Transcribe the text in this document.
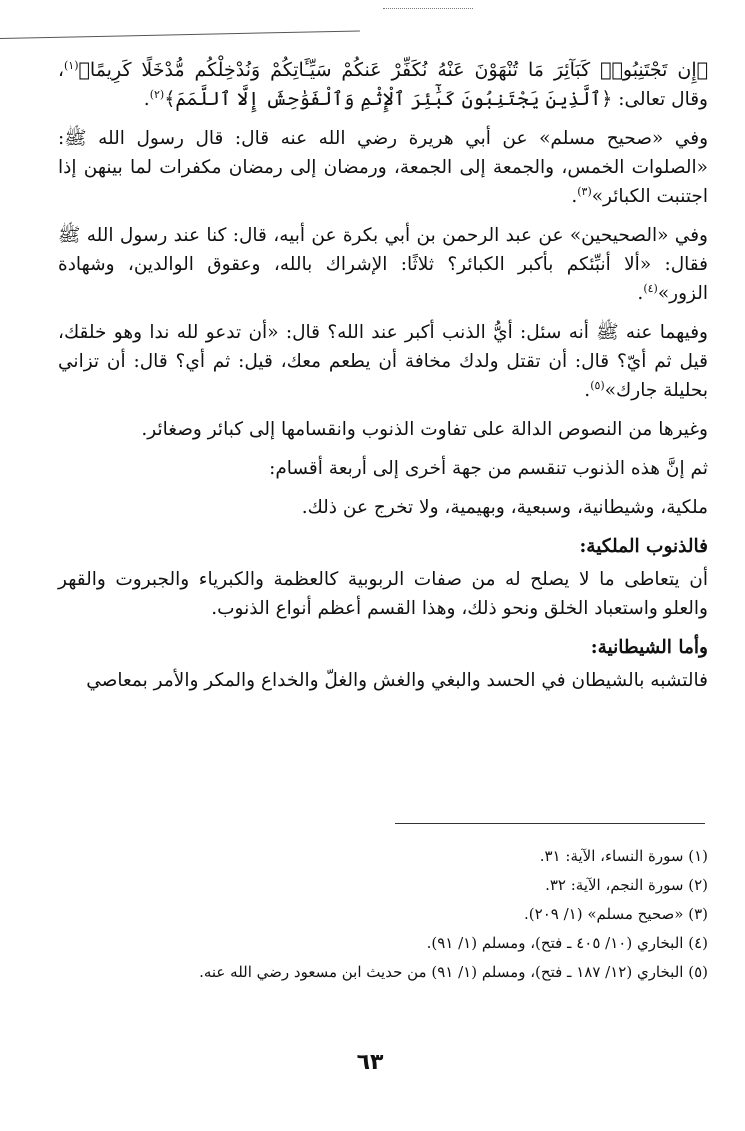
﴿إِن تَجْتَنِبُوا۟ كَبَآئِرَ مَا تُنْهَوْنَ عَنْهُ نُكَفِّرْ عَنكُمْ سَيِّـَٔاتِكُمْ وَنُدْخِلْكُم مُّدْخَلًا كَرِيمًا﴾$^{(١)}$، وقال تعالى: ﴿ٱلَّذِينَ يَجْتَنِبُونَ كَبَٰٓئِرَ ٱلْإِثْمِ وَٱلْفَوَٰحِشَ إِلَّا ٱللَّمَمَ﴾$^{(٢)}$.

وفي «صحيح مسلم» عن أبي هريرة رضي الله عنه قال: قال رسول الله ﷺ: «الصلوات الخمس، والجمعة إلى الجمعة، ورمضان إلى رمضان مكفرات لما بينهن إذا اجتنبت الكبائر»$^{(٣)}$.

وفي «الصحيحين» عن عبد الرحمن بن أبي بكرة عن أبيه، قال: كنا عند رسول الله ﷺ فقال: «ألا أنبِّئكم بأكبر الكبائر؟ ثلاثًا: الإشراك بالله، وعقوق الوالدين، وشهادة الزور»$^{(٤)}$.

وفيهما عنه ﷺ أنه سئل: أيُّ الذنب أكبر عند الله؟ قال: «أن تدعو لله ندا وهو خلقك، قيل ثم أيّ؟ قال: أن تقتل ولدك مخافة أن يطعم معك، قيل: ثم أي؟ قال: أن تزاني بحليلة جارك»$^{(٥)}$.

وغيرها من النصوص الدالة على تفاوت الذنوب وانقسامها إلى كبائر وصغائر.

ثم إنَّ هذه الذنوب تنقسم من جهة أخرى إلى أربعة أقسام:

ملكية، وشيطانية، وسبعية، وبهيمية، ولا تخرج عن ذلك.

فالذنوب الملكية:

أن يتعاطى ما لا يصلح له من صفات الربوبية كالعظمة والكبرياء والجبروت والقهر والعلو واستعباد الخلق ونحو ذلك، وهذا القسم أعظم أنواع الذنوب.

وأما الشيطانية:

فالتشبه بالشيطان في الحسد والبغي والغش والغلّ والخداع والمكر والأمر بمعاصي

(١) سورة النساء، الآية: ٣١.
(٢) سورة النجم، الآية: ٣٢.
(٣) «صحيح مسلم» (١/ ٢٠٩).
(٤) البخاري (١٠/ ٤٠٥ ـ فتح)، ومسلم (١/ ٩١).
(٥) البخاري (١٢/ ١٨٧ ـ فتح)، ومسلم (١/ ٩١) من حديث ابن مسعود رضي الله عنه.
٦٣
